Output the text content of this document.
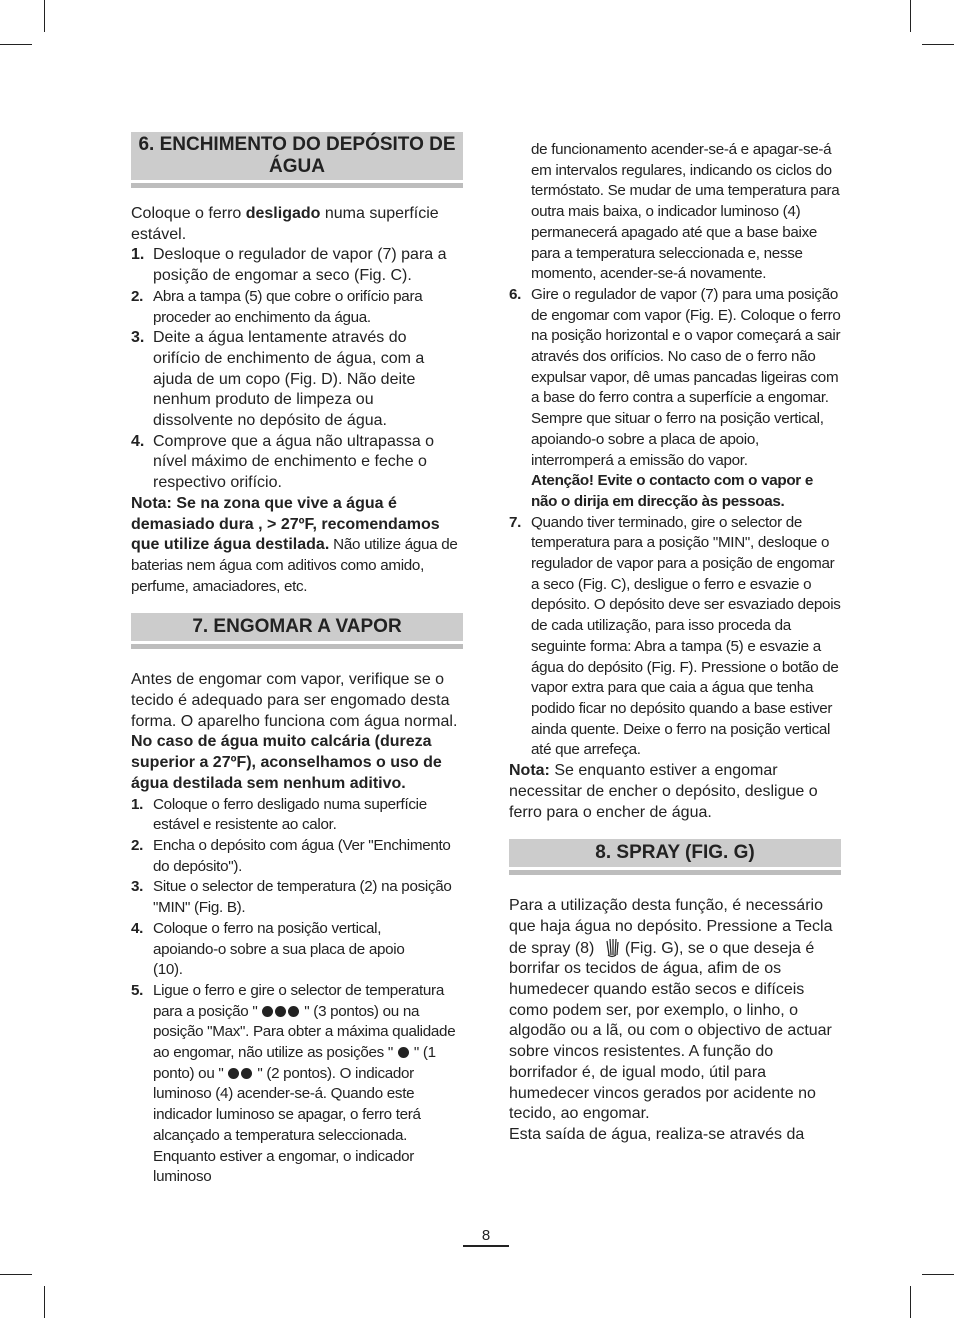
6. ENCHIMENTO DO DEPÓSITO DE ÁGUA

Coloque o ferro desligado numa superfície estável.

1. Desloque o regulador de vapor (7) para a posição de engomar a seco (Fig. C).
2. Abra a tampa (5) que cobre o orifício para proceder ao enchimento da água.
3. Deite a água lentamente através do orifício de enchimento de água, com a ajuda de um copo (Fig. D). Não deite nenhum produto de limpeza ou dissolvente no depósito de água.
4. Comprove que a água não ultrapassa o nível máximo de enchimento e feche o respectivo orifício.

Nota: Se na zona que vive a água é demasiado dura , > 27ºF, recomendamos que utilize água destilada. Não utilize água de baterias nem água com aditivos como amido, perfume, amaciadores, etc.

7. ENGOMAR A VAPOR

Antes de engomar com vapor, verifique se o tecido é adequado para ser engomado desta forma. O aparelho funciona com água normal. No caso de água muito calcária (dureza superior a 27ºF), aconselhamos o uso de água destilada sem nenhum aditivo.

1. Coloque o ferro desligado numa superfície estável e resistente ao calor.
2. Encha o depósito com água (Ver "Enchimento do depósito").
3. Situe o selector de temperatura (2) na posição "MIN" (Fig. B).
4. Coloque o ferro na posição vertical, apoiando-o sobre a sua placa de apoio (10).
5. Ligue o ferro e gire o selector de temperatura para a posição "	" (3 pontos) ou na posição "Max". Para obter a máxima qualidade ao engomar, não utilize as posições "  " (1 ponto) ou "  " (2 pontos). O indicador luminoso (4) acender-se-á. Quando este indicador luminoso se apagar, o ferro terá alcançado a temperatura seleccionada. Enquanto estiver a engomar, o indicador luminoso
de funcionamento acender-se-á e apagar-se-á em intervalos regulares, indicando os ciclos do termóstato. Se mudar de uma temperatura para outra mais baixa, o indicador luminoso (4) permanecerá apagado até que a base baixe para a temperatura seleccionada e, nesse momento, acender-se-á novamente.
6. Gire o regulador de vapor (7) para uma posição de engomar com vapor (Fig. E). Coloque o ferro na posição horizontal e o vapor começará a sair através dos orifícios. No caso de o ferro não expulsar vapor, dê umas pancadas ligeiras com a base do ferro contra a superfície a engomar. Sempre que situar o ferro na posição vertical, apoiando-o sobre a placa de apoio, interromperá a emissão do vapor.
Atenção! Evite o contacto com o vapor e não o dirija em direcção às pessoas.
7. Quando tiver terminado, gire o selector de temperatura para a posição "MIN", desloque o regulador de vapor para a posição de engomar a seco (Fig. C), desligue o ferro e esvazie o depósito. O depósito deve ser esvaziado depois de cada utilização, para isso proceda da seguinte forma: Abra a tampa (5) e esvazie a água do depósito (Fig. F). Pressione o botão de vapor extra para que caia a água que tenha podido ficar no depósito quando a base estiver ainda quente. Deixe o ferro na posição vertical até que arrefeça.

Nota: Se enquanto estiver a engomar necessitar de encher o depósito, desligue o ferro para o encher de água.

8. SPRAY (FIG. G)

Para a utilização desta função, é necessário que haja água no depósito. Pressione a Tecla de spray (8) (Fig. G), se o que deseja é borrifar os tecidos de água, afim de os humedecer quando estão secos e difíceis como podem ser, por exemplo, o linho, o algodão ou a lã, ou com o objectivo de actuar sobre vincos resistentes. A função do borrifador é, de igual modo, útil para humedecer vincos gerados por acidente no tecido, ao engomar.

Esta saída de água, realiza-se através da

8
